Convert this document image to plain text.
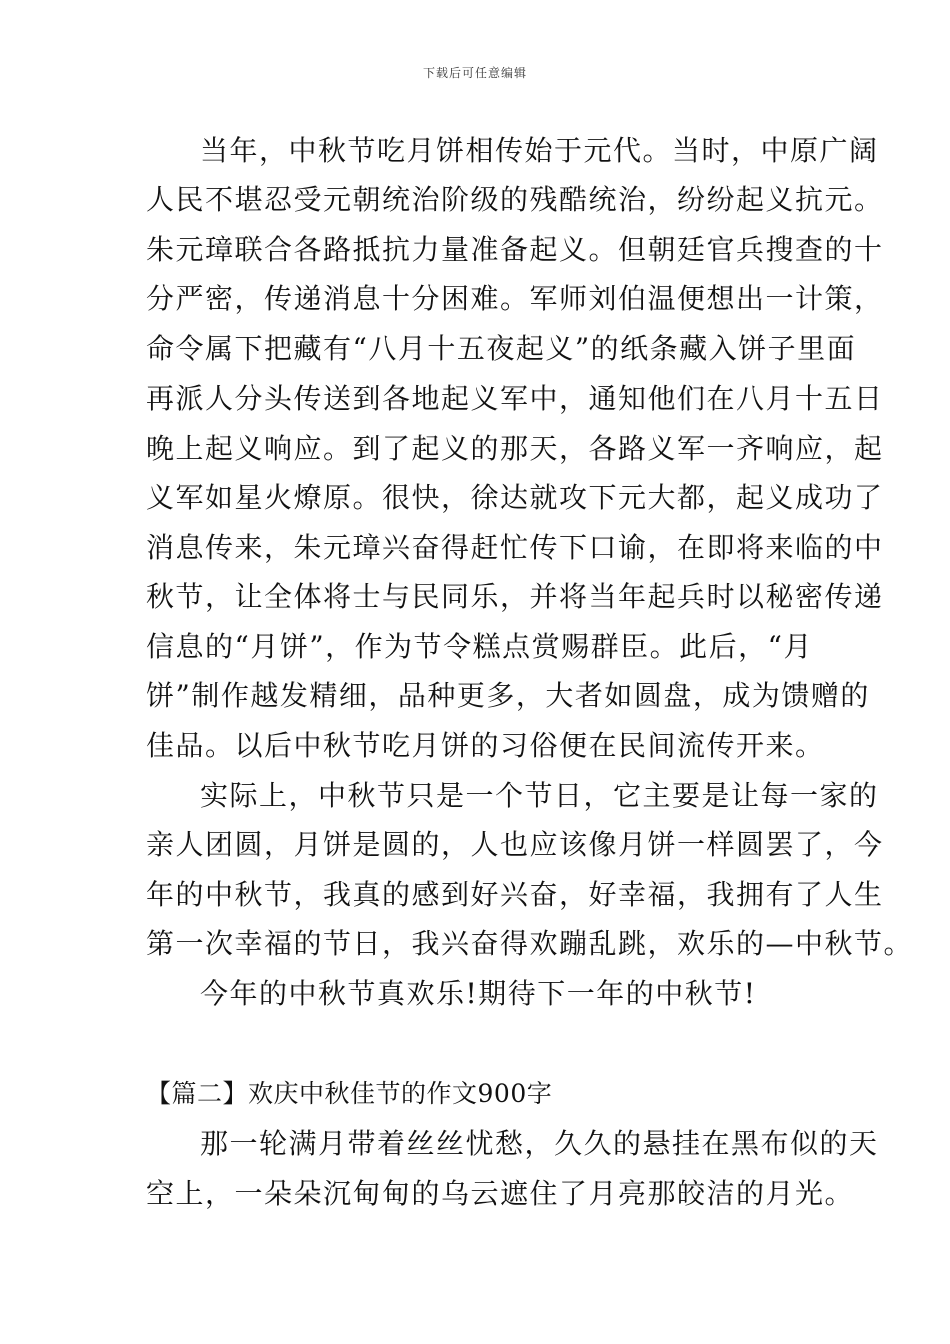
下载后可任意编辑
当年，中秋节吃月饼相传始于元代。当时，中原广阔
人民不堪忍受元朝统治阶级的残酷统治，纷纷起义抗元。
朱元璋联合各路抵抗力量准备起义。但朝廷官兵搜查的十
分严密，传递消息十分困难。军师刘伯温便想出一计策，
命令属下把藏有“八月十五夜起义”的纸条藏入饼子里面
再派人分头传送到各地起义军中，通知他们在八月十五日
晚上起义响应。到了起义的那天，各路义军一齐响应，起
义军如星火燎原。很快，徐达就攻下元大都，起义成功了
消息传来，朱元璋兴奋得赶忙传下口谕，在即将来临的中
秋节，让全体将士与民同乐，并将当年起兵时以秘密传递
信息的“月饼”，作为节令糕点赏赐群臣。此后，“月
饼”制作越发精细，品种更多，大者如圆盘，成为馈赠的
佳品。以后中秋节吃月饼的习俗便在民间流传开来。
实际上，中秋节只是一个节日，它主要是让每一家的
亲人团圆，月饼是圆的，人也应该像月饼一样圆罢了，今
年的中秋节，我真的感到好兴奋，好幸福，我拥有了人生
第一次幸福的节日，我兴奋得欢蹦乱跳，欢乐的—中秋节。
今年的中秋节真欢乐!期待下一年的中秋节!
【篇二】欢庆中秋佳节的作文900字
那一轮满月带着丝丝忧愁，久久的悬挂在黑布似的天
空上，一朵朵沉甸甸的乌云遮住了月亮那皎洁的月光。
